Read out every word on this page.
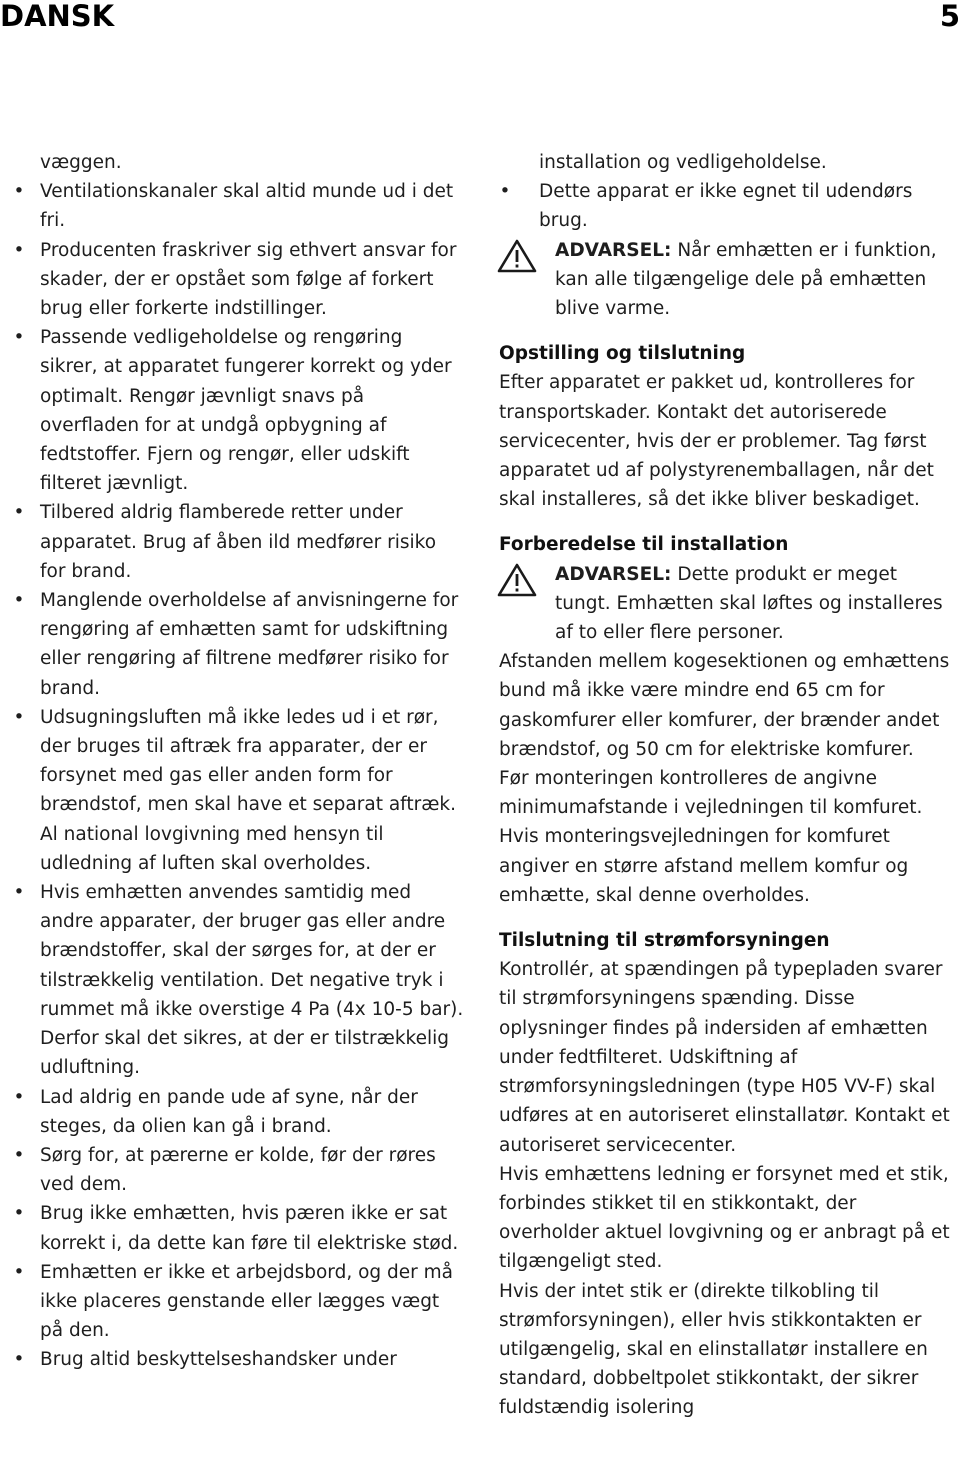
DANSK	5

væggen.

• Ventilationskanaler skal altid munde ud i det fri.
• Producenten fraskriver sig ethvert ansvar for skader, der er opstået som følge af forkert brug eller forkerte indstillinger.
• Passende vedligeholdelse og rengøring sikrer, at apparatet fungerer korrekt og yder optimalt. Rengør jævnligt snavs på overfladen for at undgå opbygning af fedtstoffer. Fjern og rengør, eller udskift filteret jævnligt.
• Tilbered aldrig flamberede retter under apparatet. Brug af åben ild medfører risiko for brand.
• Manglende overholdelse af anvisningerne for rengøring af emhætten samt for udskiftning eller rengøring af filtrene medfører risiko for brand.
• Udsugningsluften må ikke ledes ud i et rør, der bruges til aftræk fra apparater, der er forsynet med gas eller anden form for brændstof, men skal have et separat aftræk. Al national lovgivning med hensyn til udledning af luften skal overholdes.
• Hvis emhætten anvendes samtidig med andre apparater, der bruger gas eller andre brændstoffer, skal der sørges for, at der er tilstrækkelig ventilation. Det negative tryk i rummet må ikke overstige 4 Pa (4x 10-5 bar). Derfor skal det sikres, at der er tilstrækkelig udluftning.
• Lad aldrig en pande ude af syne, når der steges, da olien kan gå i brand.
• Sørg for, at pærerne er kolde, før der røres ved dem.
• Brug ikke emhætten, hvis pæren ikke er sat korrekt i, da dette kan føre til elektriske stød.
• Emhætten er ikke et arbejdsbord, og der må ikke placeres genstande eller lægges vægt på den.
• Brug altid beskyttelseshandsker under

installation og vedligeholdelse.

• Dette apparat er ikke egnet til udendørs brug.

ADVARSEL: Når emhætten er i funktion, kan alle tilgængelige dele på emhætten blive varme.

Opstilling og tilslutning

Efter apparatet er pakket ud, kontrolleres for transportskader. Kontakt det autoriserede servicecenter, hvis der er problemer. Tag først apparatet ud af polystyrenemballagen, når det skal installeres, så det ikke bliver beskadiget.

Forberedelse til installation

ADVARSEL: Dette produkt er meget tungt. Emhætten skal løftes og installeres af to eller flere personer.

Afstanden mellem kogesektionen og emhættens bund må ikke være mindre end 65 cm for gaskomfurer eller komfurer, der brænder andet brændstof, og 50 cm for elektriske komfurer.

Før monteringen kontrolleres de angivne minimumafstande i vejledningen til komfuret. Hvis monteringsvejledningen for komfuret angiver en større afstand mellem komfur og emhætte, skal denne overholdes.

Tilslutning til strømforsyningen

Kontrollér, at spændingen på typepladen svarer til strømforsyningens spænding. Disse oplysninger findes på indersiden af emhætten under fedtfilteret. Udskiftning af strømforsyningsledningen (type H05 VV-F) skal udføres at en autoriseret elinstallatør. Kontakt et autoriseret servicecenter.

Hvis emhættens ledning er forsynet med et stik, forbindes stikket til en stikkontakt, der overholder aktuel lovgivning og er anbragt på et tilgængeligt sted.

Hvis der intet stik er (direkte tilkobling til strømforsyningen), eller hvis stikkontakten er utilgængelig, skal en elinstallatør installere en standard, dobbeltpolet stikkontakt, der sikrer fuldstændig isolering
